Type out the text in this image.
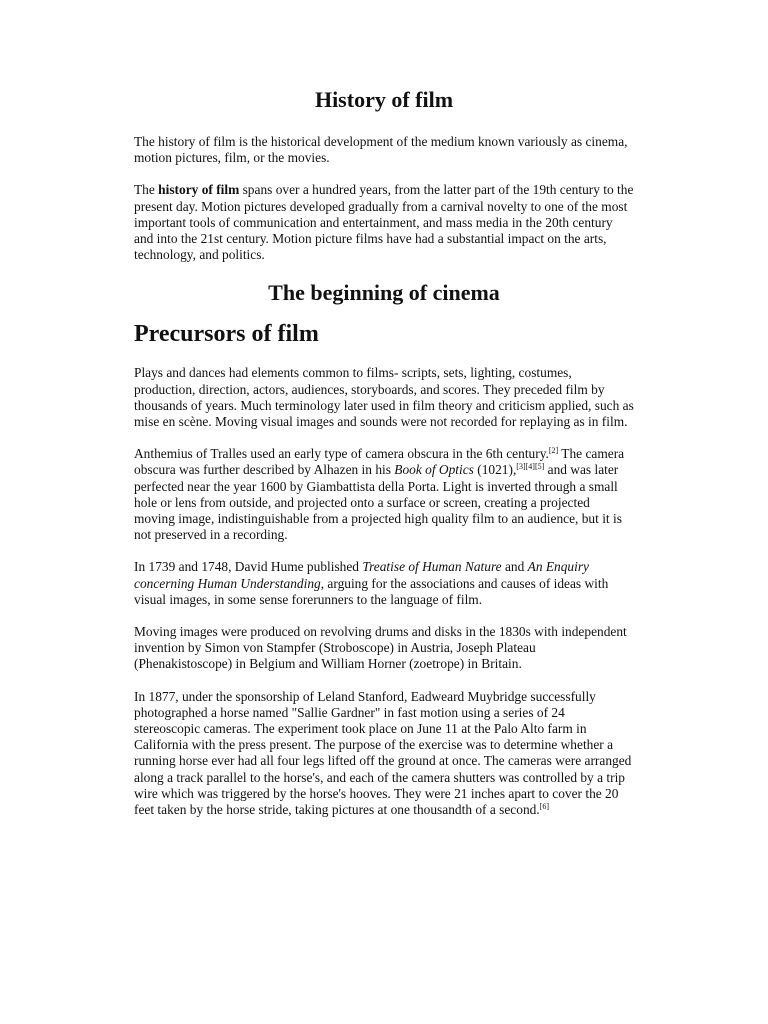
History of film

The history of film is the historical development of the medium known variously as cinema, motion pictures, film, or the movies.

The history of film spans over a hundred years, from the latter part of the 19th century to the present day. Motion pictures developed gradually from a carnival novelty to one of the most important tools of communication and entertainment, and mass media in the 20th century and into the 21st century. Motion picture films have had a substantial impact on the arts, technology, and politics.

The beginning of cinema
Precursors of film

Plays and dances had elements common to films- scripts, sets, lighting, costumes, production, direction, actors, audiences, storyboards, and scores. They preceded film by thousands of years. Much terminology later used in film theory and criticism applied, such as mise en scène. Moving visual images and sounds were not recorded for replaying as in film.

Anthemius of Tralles used an early type of camera obscura in the 6th century.[2] The camera obscura was further described by Alhazen in his Book of Optics (1021),[3][4][5] and was later perfected near the year 1600 by Giambattista della Porta. Light is inverted through a small hole or lens from outside, and projected onto a surface or screen, creating a projected moving image, indistinguishable from a projected high quality film to an audience, but it is not preserved in a recording.

In 1739 and 1748, David Hume published Treatise of Human Nature and An Enquiry concerning Human Understanding, arguing for the associations and causes of ideas with visual images, in some sense forerunners to the language of film.

Moving images were produced on revolving drums and disks in the 1830s with independent invention by Simon von Stampfer (Stroboscope) in Austria, Joseph Plateau (Phenakistoscope) in Belgium and William Horner (zoetrope) in Britain.

In 1877, under the sponsorship of Leland Stanford, Eadweard Muybridge successfully photographed a horse named "Sallie Gardner" in fast motion using a series of 24 stereoscopic cameras. The experiment took place on June 11 at the Palo Alto farm in California with the press present. The purpose of the exercise was to determine whether a running horse ever had all four legs lifted off the ground at once. The cameras were arranged along a track parallel to the horse's, and each of the camera shutters was controlled by a trip wire which was triggered by the horse's hooves. They were 21 inches apart to cover the 20 feet taken by the horse stride, taking pictures at one thousandth of a second.[6]
